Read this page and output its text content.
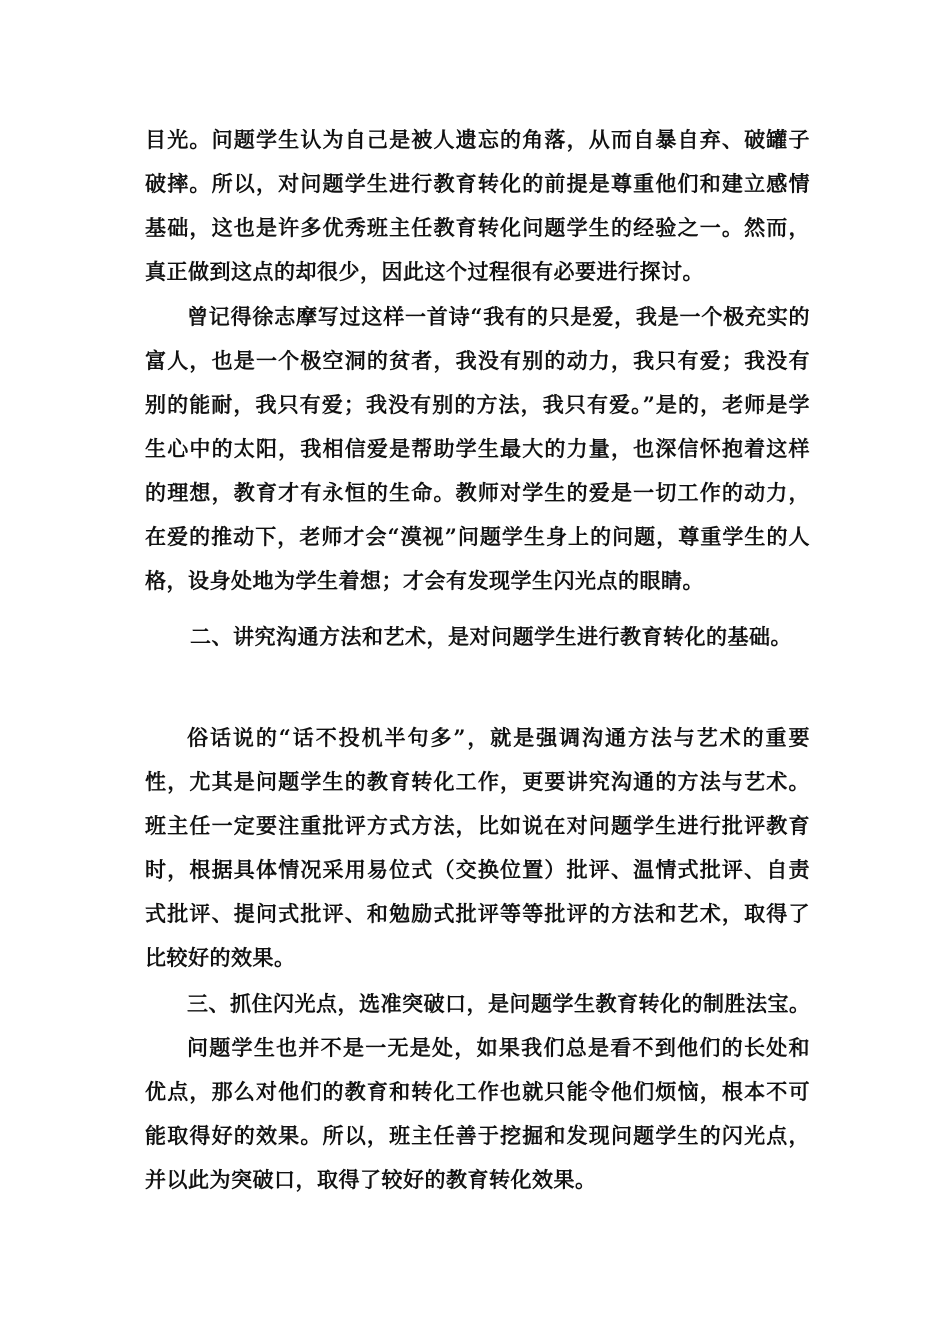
目光。问题学生认为自己是被人遗忘的角落，从而自暴自弃、破罐子破摔。所以，对问题学生进行教育转化的前提是尊重他们和建立感情基础，这也是许多优秀班主任教育转化问题学生的经验之一。然而，真正做到这点的却很少，因此这个过程很有必要进行探讨。
曾记得徐志摩写过这样一首诗“我有的只是爱，我是一个极充实的富人，也是一个极空洞的贫者，我没有别的动力，我只有爱；我没有别的能耐，我只有爱；我没有别的方法，我只有爱。”是的，老师是学生心中的太阳，我相信爱是帮助学生最大的力量，也深信怀抱着这样的理想，教育才有永恒的生命。教师对学生的爱是一切工作的动力，在爱的推动下，老师才会“漠视”问题学生身上的问题，尊重学生的人格，设身处地为学生着想；才会有发现学生闪光点的眼睛。
二、讲究沟通方法和艺术，是对问题学生进行教育转化的基础。
俗话说的“话不投机半句多”，就是强调沟通方法与艺术的重要性，尤其是问题学生的教育转化工作，更要讲究沟通的方法与艺术。班主任一定要注重批评方式方法，比如说在对问题学生进行批评教育时，根据具体情况采用易位式（交换位置）批评、温情式批评、自责式批评、提问式批评、和勉励式批评等等批评的方法和艺术，取得了比较好的效果。
三、抓住闪光点，选准突破口，是问题学生教育转化的制胜法宝。
问题学生也并不是一无是处，如果我们总是看不到他们的长处和优点，那么对他们的教育和转化工作也就只能令他们烦恼，根本不可能取得好的效果。所以，班主任善于挖掘和发现问题学生的闪光点，并以此为突破口，取得了较好的教育转化效果。
